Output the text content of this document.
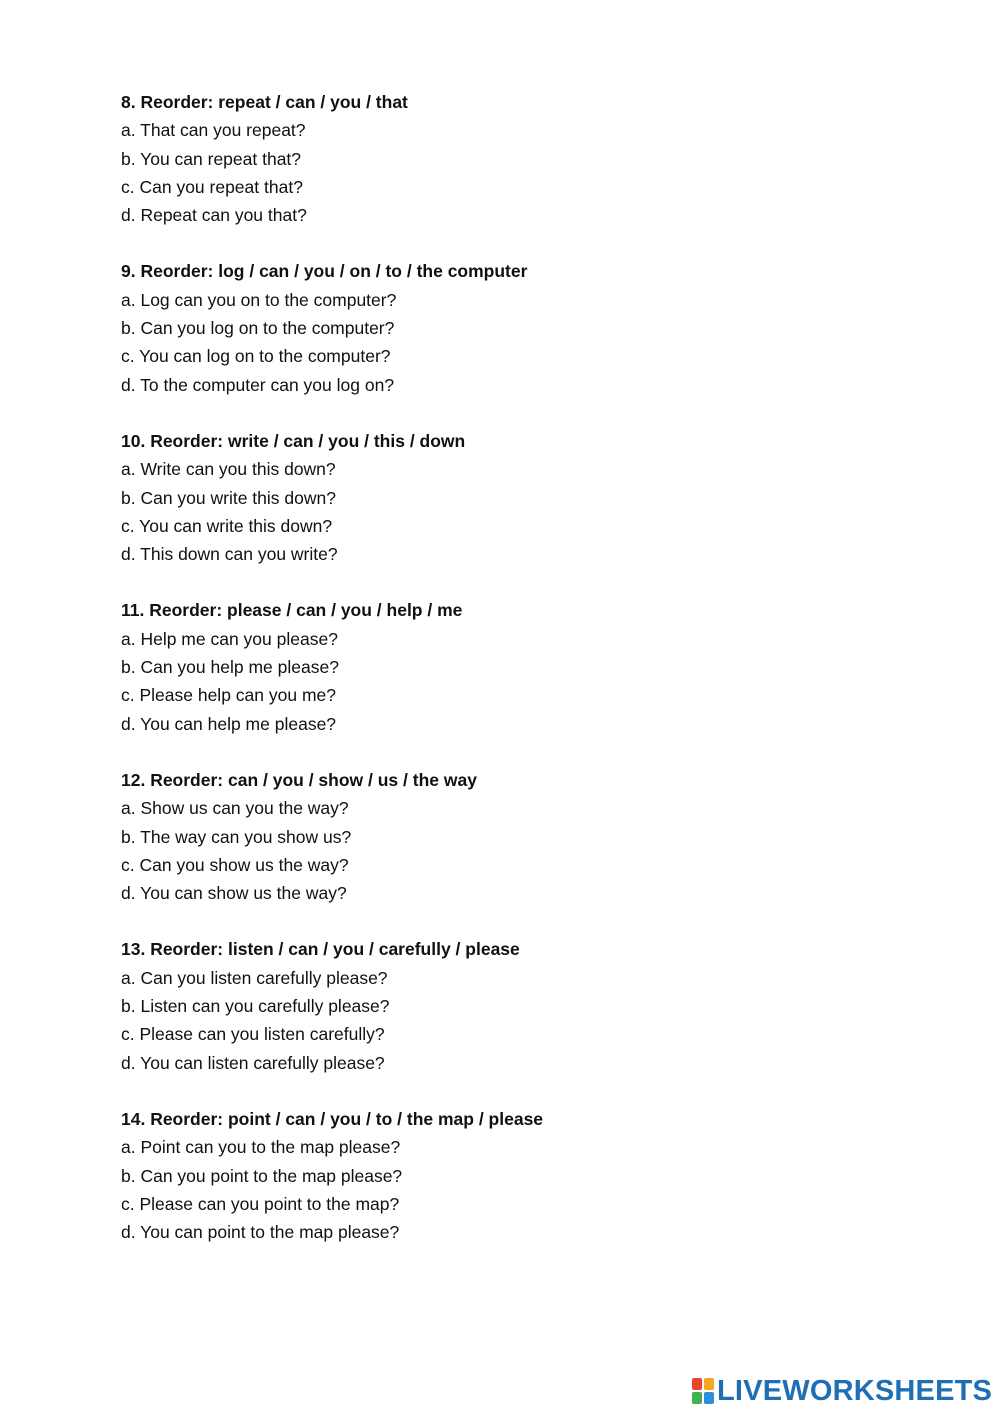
8. Reorder: repeat / can / you / that
a. That can you repeat?
b. You can repeat that?
c. Can you repeat that?
d. Repeat can you that?
9. Reorder: log / can / you / on / to / the computer
a. Log can you on to the computer?
b. Can you log on to the computer?
c. You can log on to the computer?
d. To the computer can you log on?
10. Reorder: write / can / you / this / down
a. Write can you this down?
b. Can you write this down?
c. You can write this down?
d. This down can you write?
11. Reorder: please / can / you / help / me
a. Help me can you please?
b. Can you help me please?
c. Please help can you me?
d. You can help me please?
12. Reorder: can / you / show / us / the way
a. Show us can you the way?
b. The way can you show us?
c. Can you show us the way?
d. You can show us the way?
13. Reorder: listen / can / you / carefully / please
a. Can you listen carefully please?
b. Listen can you carefully please?
c. Please can you listen carefully?
d. You can listen carefully please?
14. Reorder: point / can / you / to / the map / please
a. Point can you to the map please?
b. Can you point to the map please?
c. Please can you point to the map?
d. You can point to the map please?
LIVEWORKSHEETS
